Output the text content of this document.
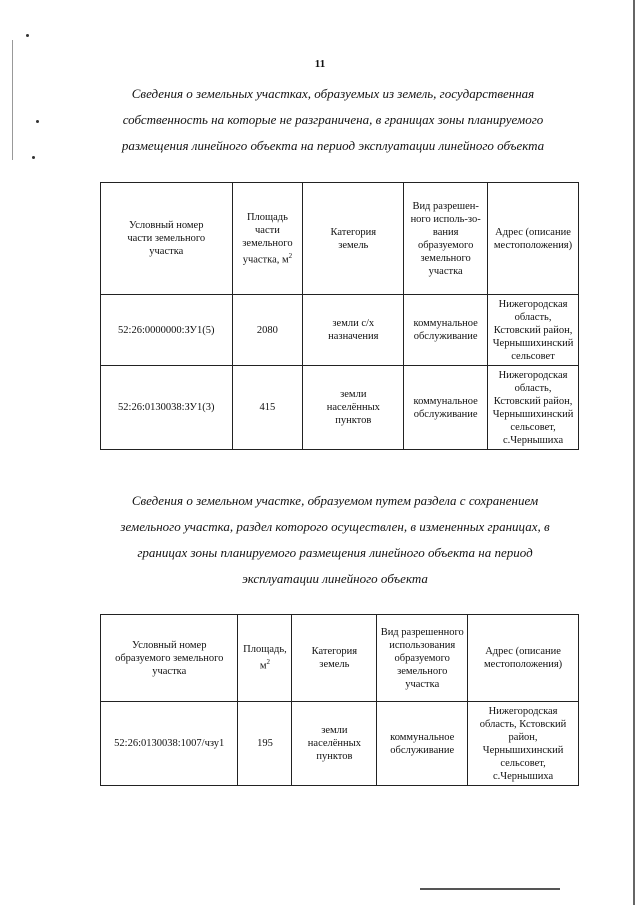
11
Сведения о земельных участках, образуемых из земель, государственная
собственность на которые не разграничена, в границах зоны планируемого
размещения линейного объекта на период эксплуатации линейного объекта
Условный номер части земельного участка	Площадь части земельного участка, $м^2$	Категория земель	Вид разрешен-ного исполь-зо-вания образуемого земельного участка	Адрес (описание местоположения)
52:26:0000000:ЗУ1(5)	2080	земли с/х назначения	коммунальное обслуживание	Нижегородская область, Кстовский район, Чернышихинский сельсовет
52:26:0130038:ЗУ1(3)	415	земли населённых пунктов	коммунальное обслуживание	Нижегородская область, Кстовский район, Чернышихинский сельсовет, с.Чернышиха
Сведения о земельном участке, образуемом путем раздела с сохранением
земельного участка, раздел которого осуществлен, в измененных границах, в
границах зоны планируемого размещения линейного объекта на период
эксплуатации линейного объекта
Условный номер образуемого земельного участка	Площадь, $м^2$	Категория земель	Вид разрешенного использования образуемого земельного участка	Адрес (описание местоположения)
52:26:0130038:1007/чзу1	195	земли населённых пунктов	коммунальное обслуживание	Нижегородская область, Кстовский район, Чернышихинский сельсовет, с.Чернышиха
